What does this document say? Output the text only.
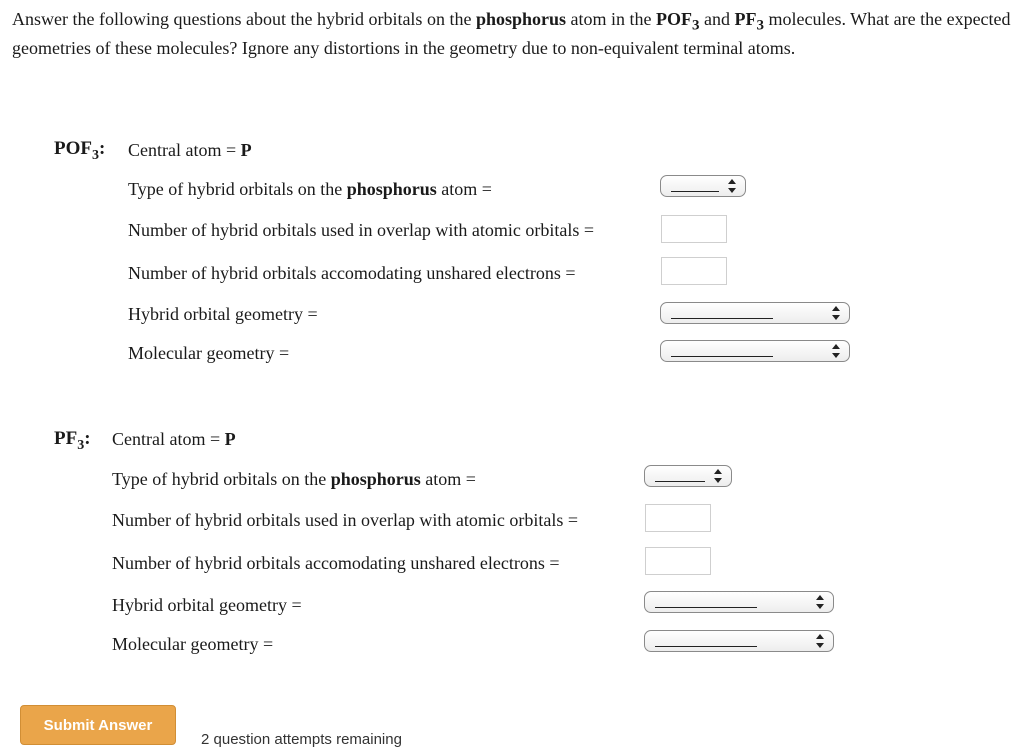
Answer the following questions about the hybrid orbitals on the phosphorus atom in the $POF_3$ and $PF_3$ molecules. What are the expected geometries of these molecules? Ignore any distortions in the geometry due to non-equivalent terminal atoms.

$POF_3$: Central atom = P
Type of hybrid orbitals on the phosphorus atom =
Number of hybrid orbitals used in overlap with atomic orbitals =
Number of hybrid orbitals accomodating unshared electrons =
Hybrid orbital geometry =
Molecular geometry =
$PF_3$: Central atom = P
Type of hybrid orbitals on the phosphorus atom =
Number of hybrid orbitals used in overlap with atomic orbitals =
Number of hybrid orbitals accomodating unshared electrons =
Hybrid orbital geometry =
Molecular geometry =
Submit Answer
2 question attempts remaining
